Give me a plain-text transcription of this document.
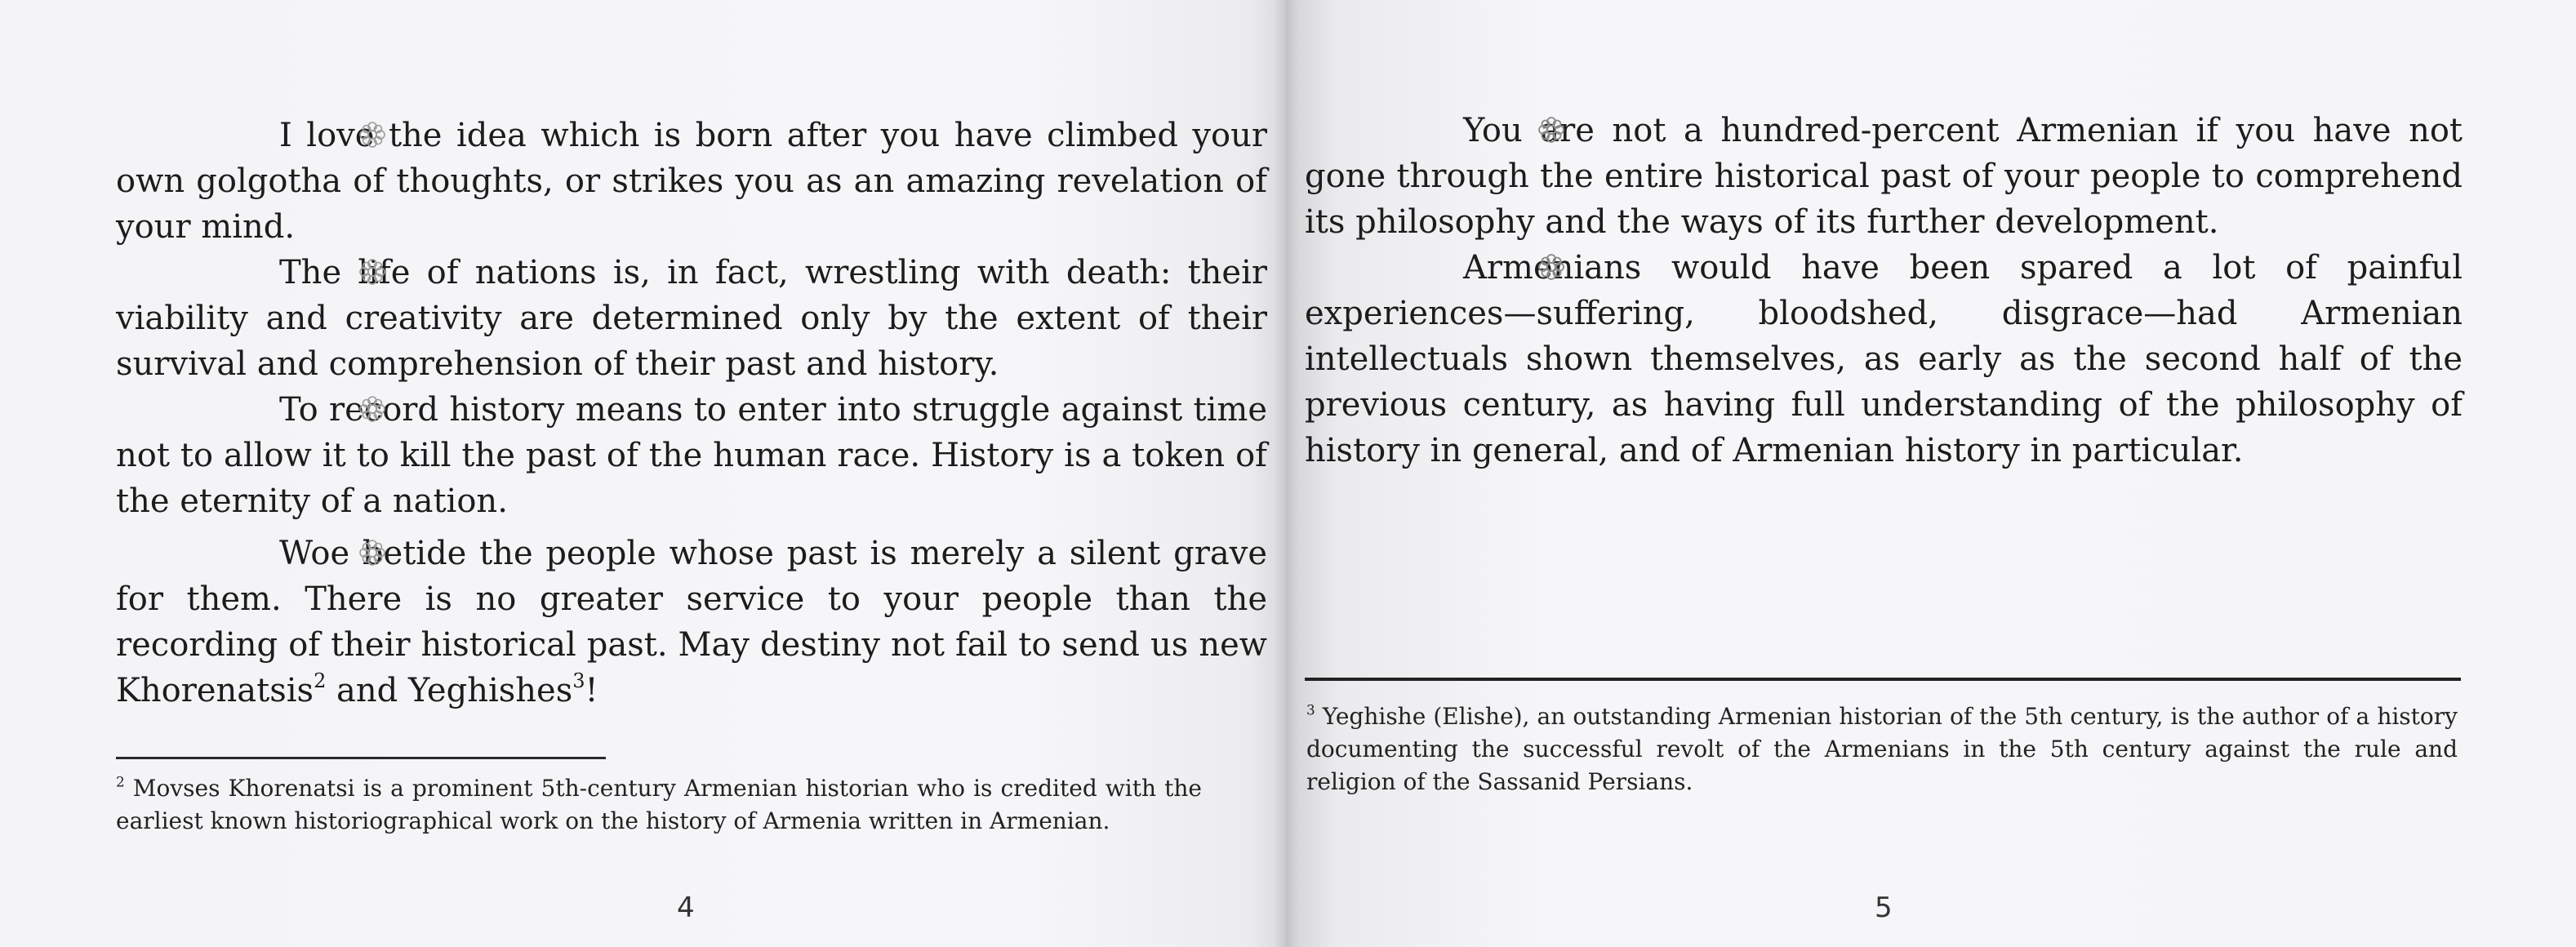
I love the idea which is born after you have climbed your own golgotha of thoughts, or strikes you as an amazing revelation of your mind.

The life of nations is, in fact, wrestling with death: their viability and creativity are determined only by the extent of their survival and comprehension of their past and history.

To record history means to enter into struggle against time not to allow it to kill the past of the human race. History is a token of the eternity of a nation.

Woe betide the people whose past is merely a silent grave for them. There is no greater service to your people than the recording of their historical past. May destiny not fail to send us new Khorenatsis$^2$ and Yeghishes$^3$!

$^2$ Movses Khorenatsi is a prominent 5th-century Armenian historian who is credited with the earliest known historiographical work on the history of Armenia written in Armenian.

4

You are not a hundred-percent Armenian if you have not gone through the entire historical past of your people to comprehend its philosophy and the ways of its further development.

Armenians would have been spared a lot of painful experiences—suffering, bloodshed, disgrace—had Armenian intellectuals shown themselves, as early as the second half of the previous century, as having full understanding of the philosophy of history in general, and of Armenian history in particular.

$^3$ Yeghishe (Elishe), an outstanding Armenian historian of the 5th century, is the author of a history documenting the successful revolt of the Armenians in the 5th century against the rule and religion of the Sassanid Persians.

5
